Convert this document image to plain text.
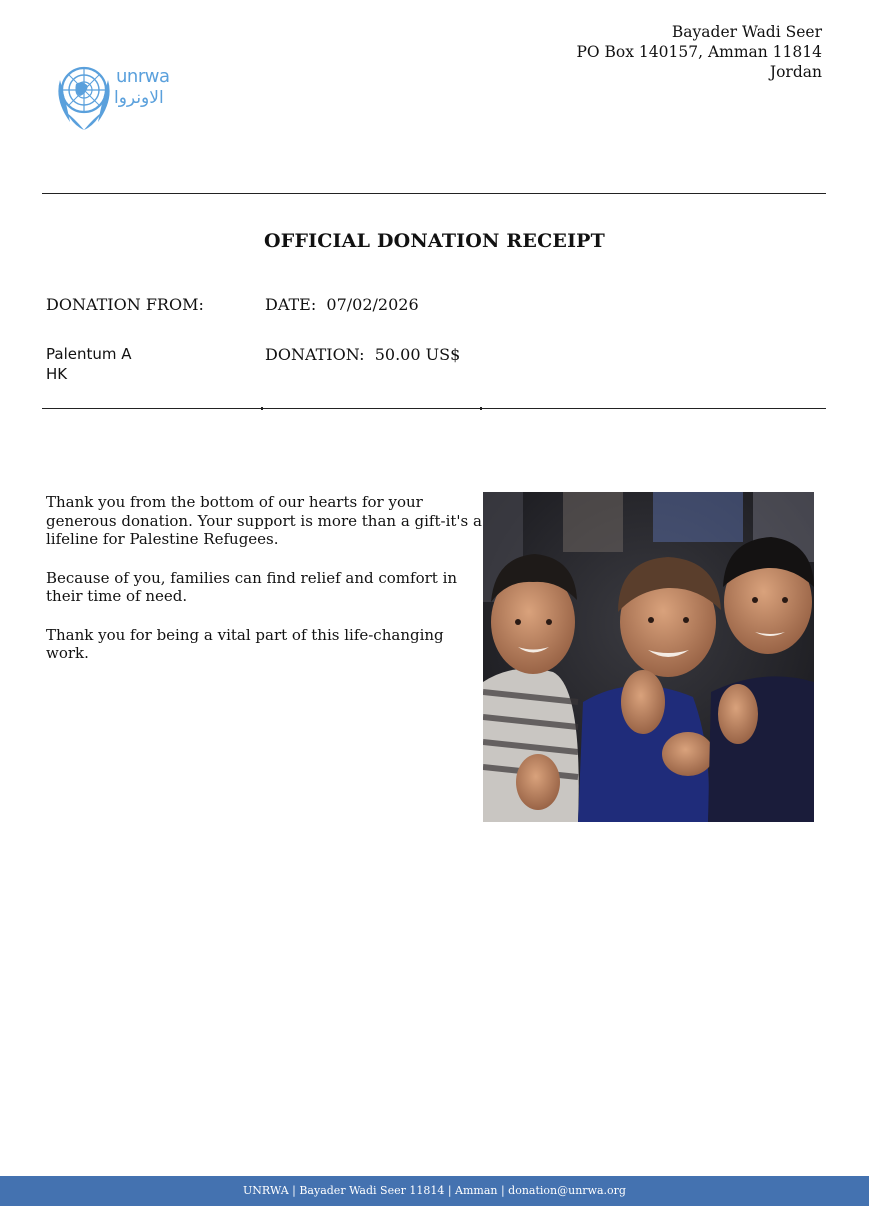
unrwa
الاونروا
Bayader Wadi Seer
PO Box 140157, Amman 11814
Jordan
OFFICIAL DONATION RECEIPT
DONATION FROM:	DATE: 07/02/2026
Palentum A
HK
DONATION: 50.00 US$

Thank you from the bottom of our hearts for your generous donation. Your support is more than a gift-it's a lifeline for Palestine Refugees.

Because of you, families can find relief and comfort in their time of need.

Thank you for being a vital part of this life-changing work.

UNRWA | Bayader Wadi Seer 11814 | Amman | donation@unrwa.org
